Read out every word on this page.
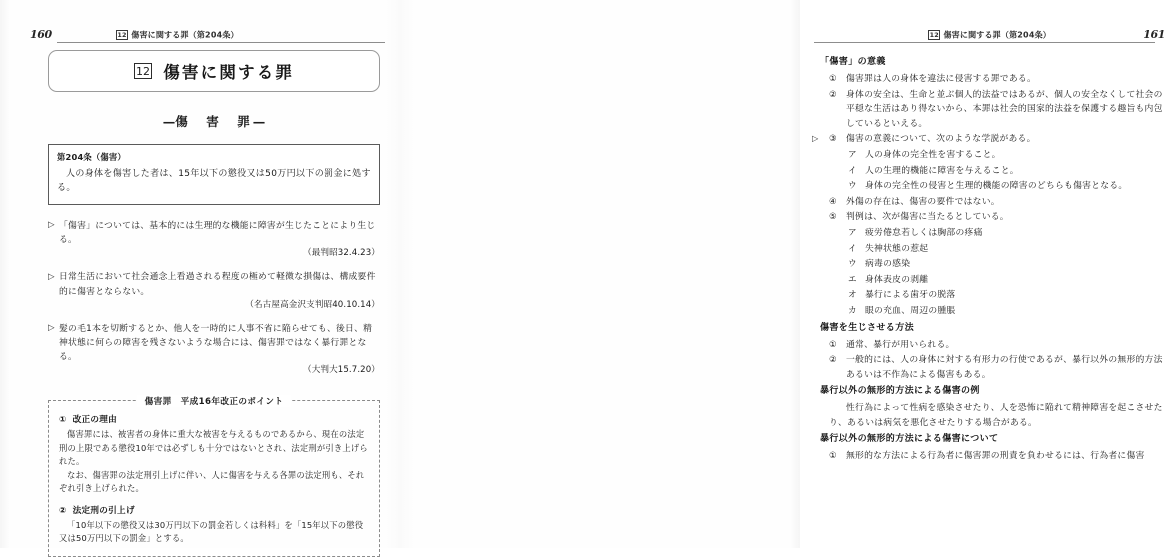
160	12 傷害に関する罪（第204条）
12 傷害に関する罪
—傷　害　罪—
第204条（傷害）
人の身体を傷害した者は、15年以下の懲役又は50万円以下の罰金に処する。
▷ 「傷害」については、基本的には生理的な機能に障害が生じたことにより生じる。
（最判昭32.4.23）
▷ 日常生活において社会通念上看過される程度の極めて軽微な損傷は、構成要件的に傷害とならない。
（名古屋高金沢支判昭40.10.14）
▷ 髪の毛1本を切断するとか、他人を一時的に人事不省に陥らせても、後日、精神状態に何らの障害を残さないような場合には、傷害罪ではなく暴行罪となる。
（大判大15.7.20）
傷害罪　平成16年改正のポイント
① 改正の理由
傷害罪には、被害者の身体に重大な被害を与えるものであるから、現在の法定刑の上限である懲役10年では必ずしも十分ではないとされ、法定刑が引き上げられた。
なお、傷害罪の法定刑引上げに伴い、人に傷害を与える各罪の法定刑も、それぞれ引き上げられた。
② 法定刑の引上げ
「10年以下の懲役又は30万円以下の罰金若しくは科料」を「15年以下の懲役又は50万円以下の罰金」とする。
12 傷害に関する罪（第204条）	161
「傷害」の意義
① 傷害罪は人の身体を違法に侵害する罪である。
② 身体の安全は、生命と並ぶ個人的法益ではあるが、個人の安全なくして社会の平穏な生活はあり得ないから、本罪は社会的国家的法益を保護する趣旨も内包しているといえる。
▷ ③ 傷害の意義について、次のような学説がある。
ア 人の身体の完全性を害すること。
イ 人の生理的機能に障害を与えること。
ウ 身体の完全性の侵害と生理的機能の障害のどちらも傷害となる。
④ 外傷の存在は、傷害の要件ではない。
⑤ 判例は、次が傷害に当たるとしている。
ア 疲労倦怠若しくは胸部の疼痛
イ 失神状態の惹起
ウ 病毒の感染
エ 身体表皮の剥離
オ 暴行による歯牙の脱落
カ 眼の充血、周辺の腫脹
傷害を生じさせる方法
① 通常、暴行が用いられる。
② 一般的には、人の身体に対する有形力の行使であるが、暴行以外の無形的方法あるいは不作為による傷害もある。
暴行以外の無形的方法による傷害の例
性行為によって性病を感染させたり、人を恐怖に陥れて精神障害を起こさせたり、あるいは病気を悪化させたりする場合がある。
暴行以外の無形的方法による傷害について
① 無形的な方法による行為者に傷害罪の刑責を負わせるには、行為者に傷害
